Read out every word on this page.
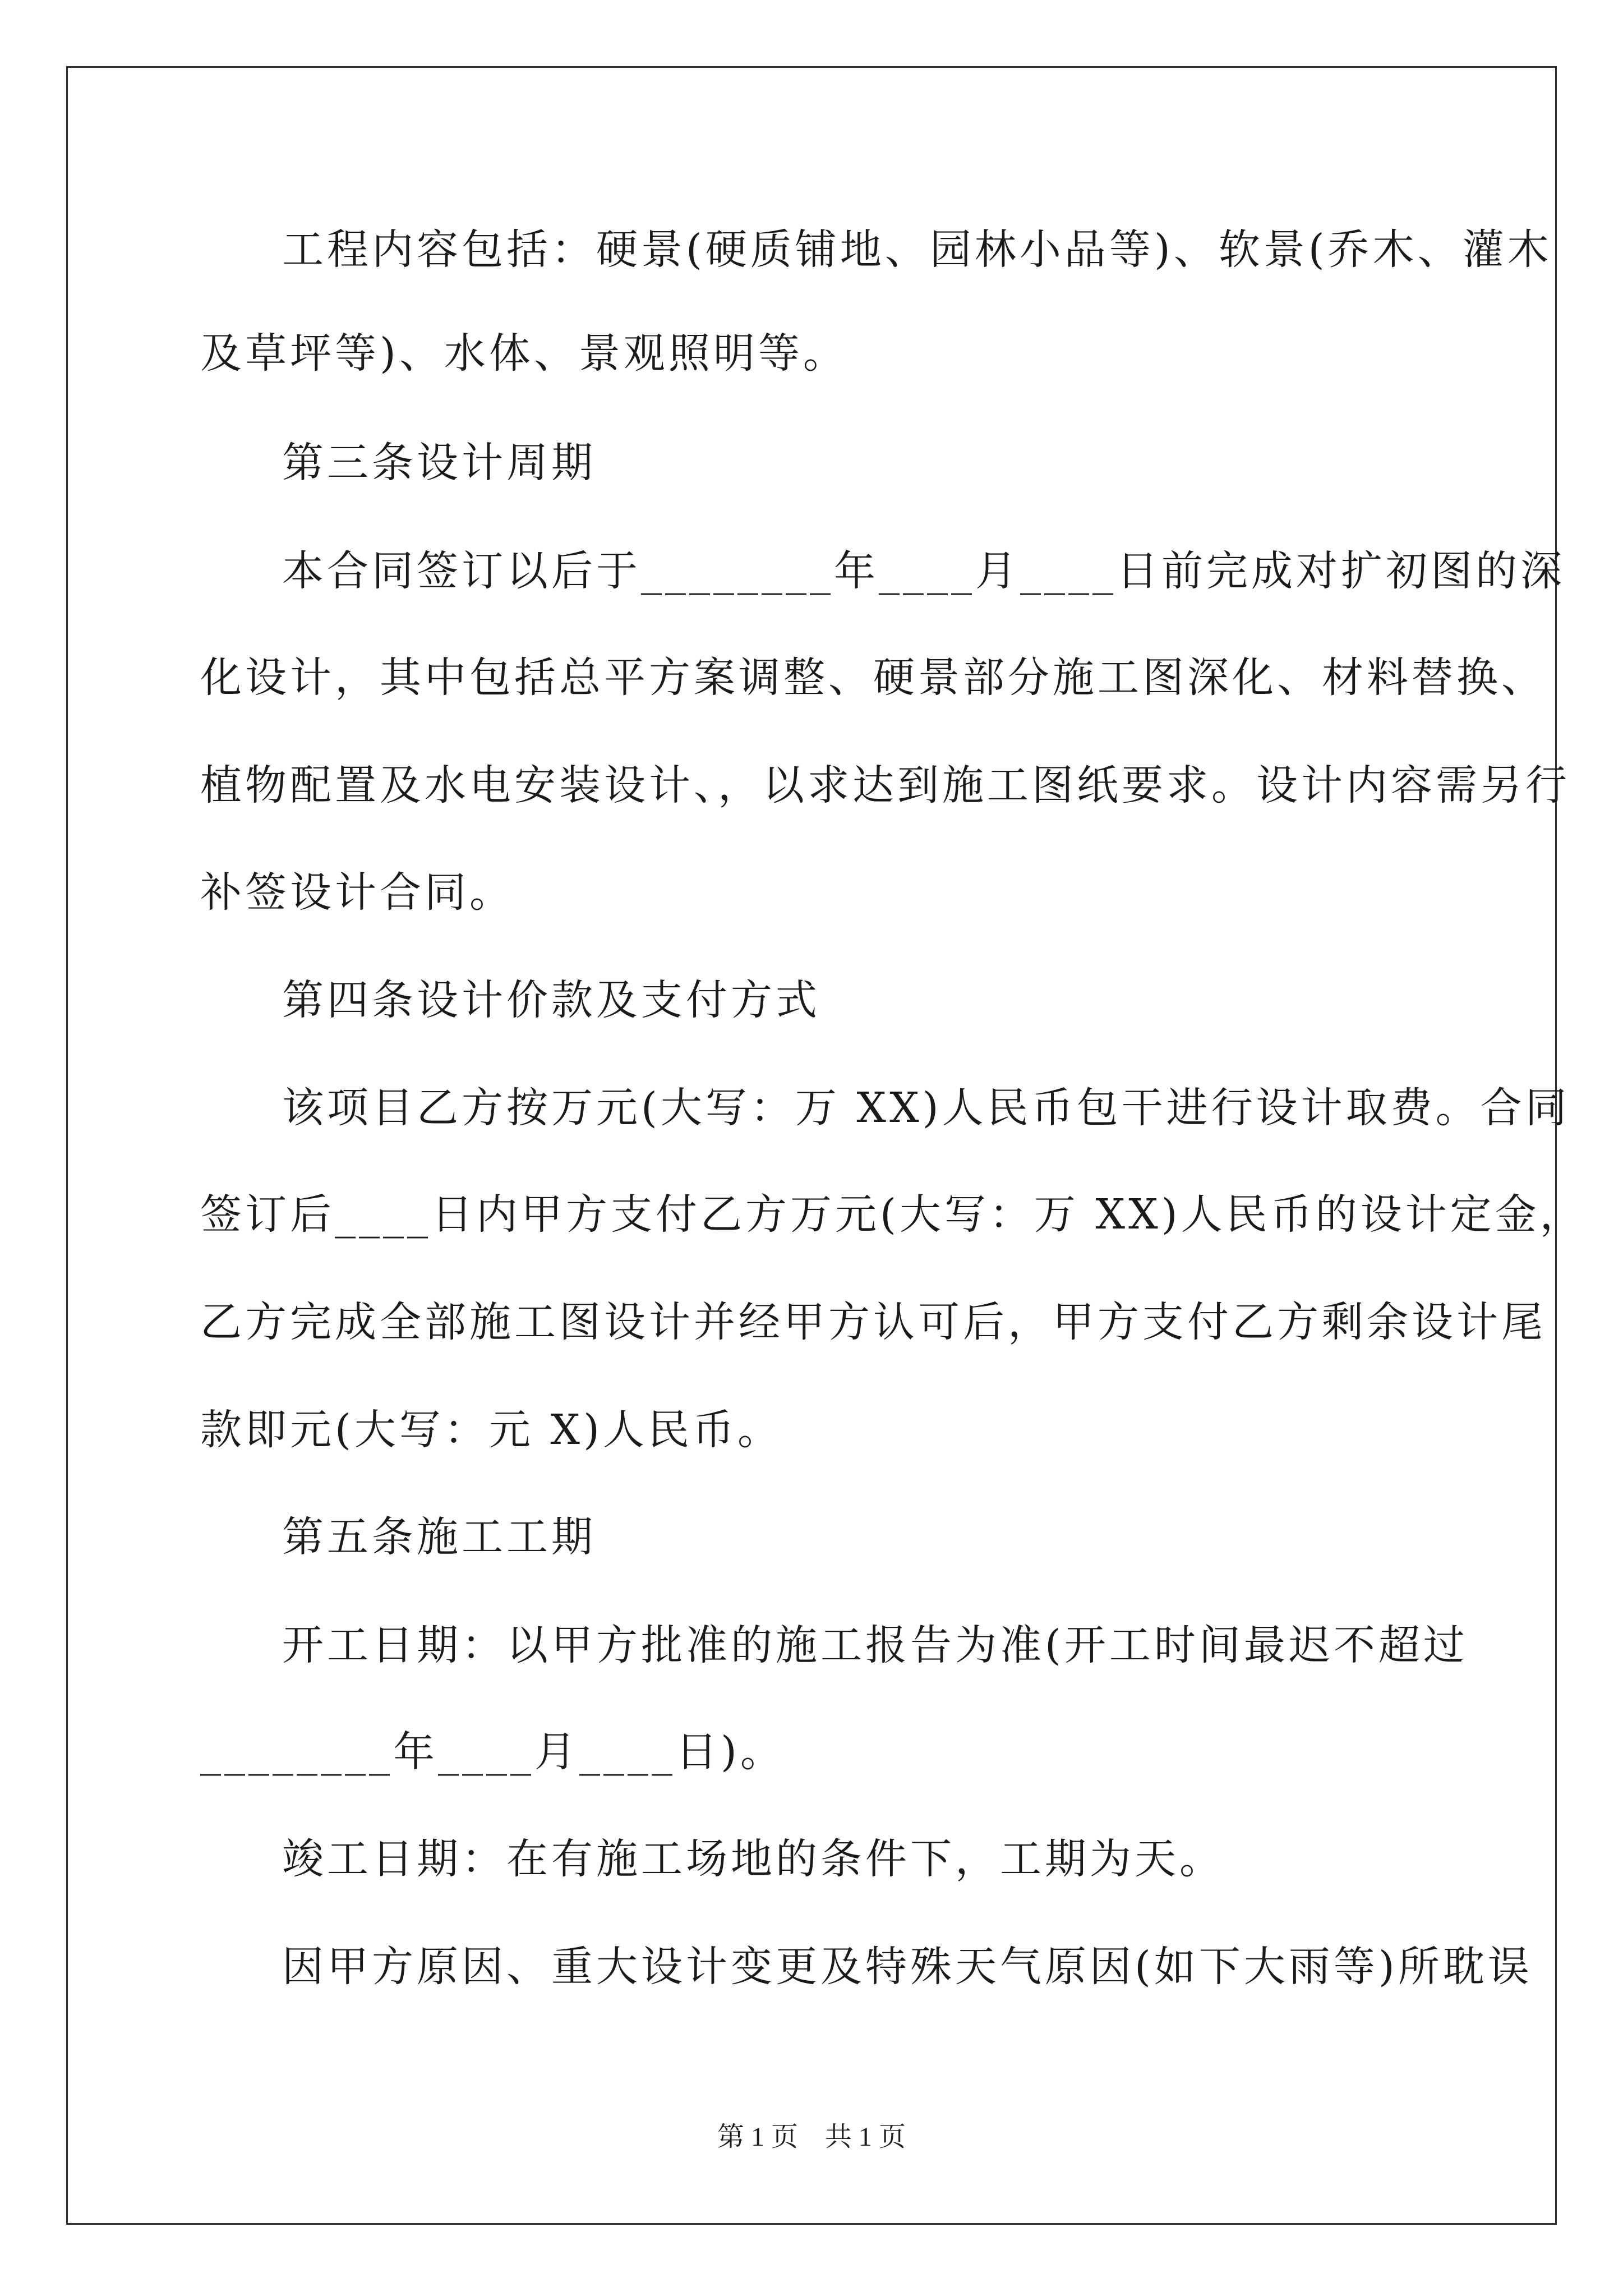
工程内容包括：硬景(硬质铺地、园林小品等)、软景(乔木、灌木
及草坪等)、水体、景观照明等。
第三条设计周期
本合同签订以后于________年____月____日前完成对扩初图的深
化设计，其中包括总平方案调整、硬景部分施工图深化、材料替换、
植物配置及水电安装设计、，以求达到施工图纸要求。设计内容需另行
补签设计合同。
第四条设计价款及支付方式
该项目乙方按万元(大写：万 XX)人民币包干进行设计取费。合同
签订后____日内甲方支付乙方万元(大写：万 XX)人民币的设计定金，
乙方完成全部施工图设计并经甲方认可后，甲方支付乙方剩余设计尾
款即元(大写：元 X)人民币。
第五条施工工期
开工日期：以甲方批准的施工报告为准(开工时间最迟不超过
________年____月____日)。
竣工日期：在有施工场地的条件下，工期为天。
因甲方原因、重大设计变更及特殊天气原因(如下大雨等)所耽误
第 1 页　共 1 页
